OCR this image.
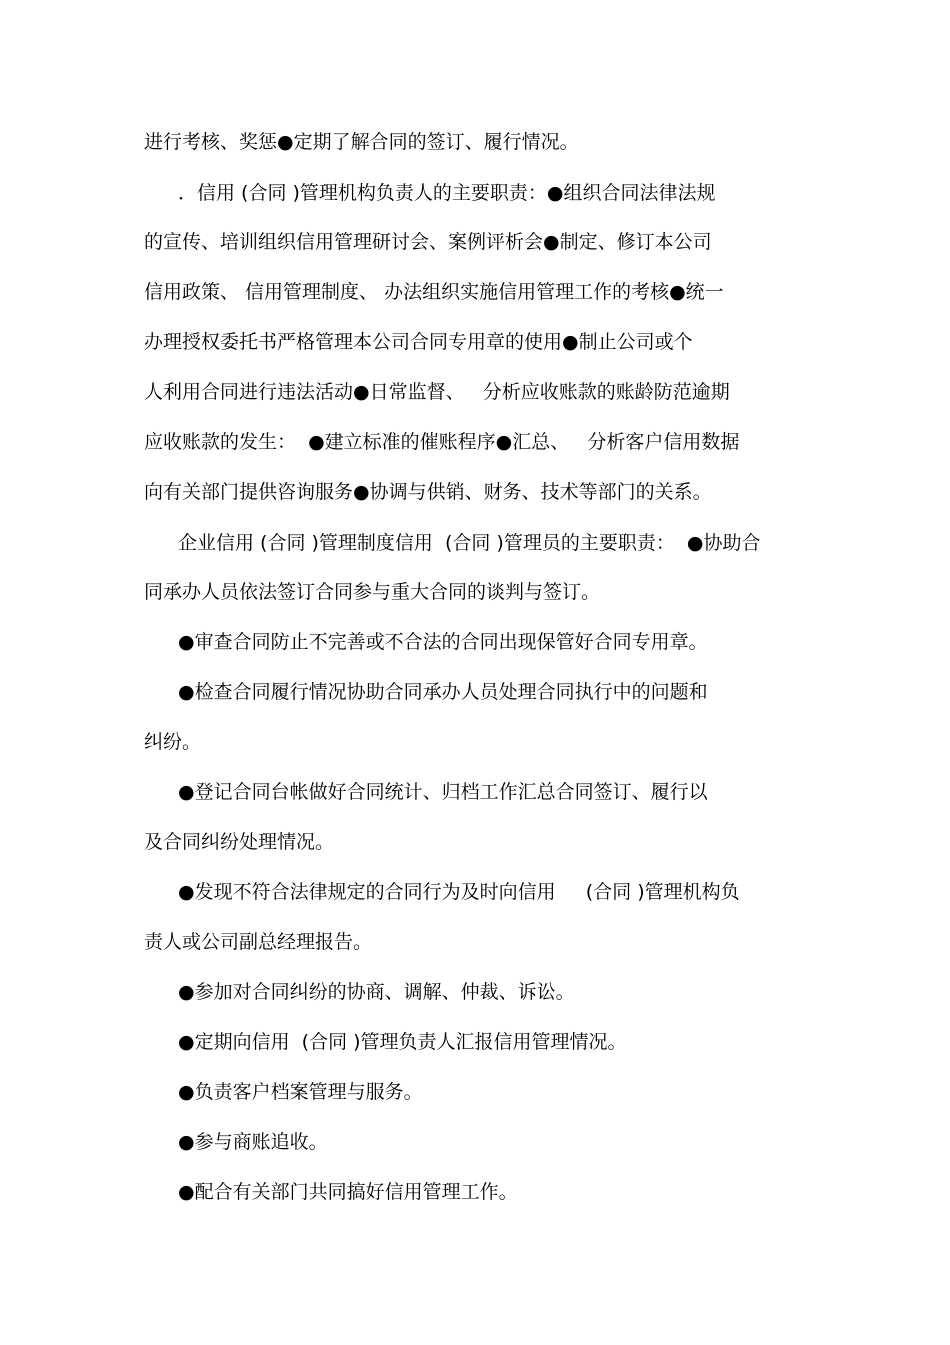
进行考核、奖惩●定期了解合同的签订、履行情况。
．信用 (合同 )管理机构负责人的主要职责：●组织合同法律法规
的宣传、培训组织信用管理研讨会、案例评析会●制定、修订本公司
信用政策、 信用管理制度、 办法组织实施信用管理工作的考核●统一
办理授权委托书严格管理本公司合同专用章的使用●制止公司或个
人利用合同进行违法活动●日常监督、   分析应收账款的账龄防范逾期
应收账款的发生：  ●建立标准的催账程序●汇总、   分析客户信用数据
向有关部门提供咨询服务●协调与供销、财务、技术等部门的关系。
企业信用 (合同 )管理制度信用  (合同 )管理员的主要职责：  ●协助合
同承办人员依法签订合同参与重大合同的谈判与签订。
●审查合同防止不完善或不合法的合同出现保管好合同专用章。
●检查合同履行情况协助合同承办人员处理合同执行中的问题和
纠纷。
●登记合同台帐做好合同统计、归档工作汇总合同签订、履行以
及合同纠纷处理情况。
●发现不符合法律规定的合同行为及时向信用     (合同 )管理机构负
责人或公司副总经理报告。
●参加对合同纠纷的协商、调解、仲裁、诉讼。
●定期向信用  (合同 )管理负责人汇报信用管理情况。
●负责客户档案管理与服务。
●参与商账追收。
●配合有关部门共同搞好信用管理工作。
